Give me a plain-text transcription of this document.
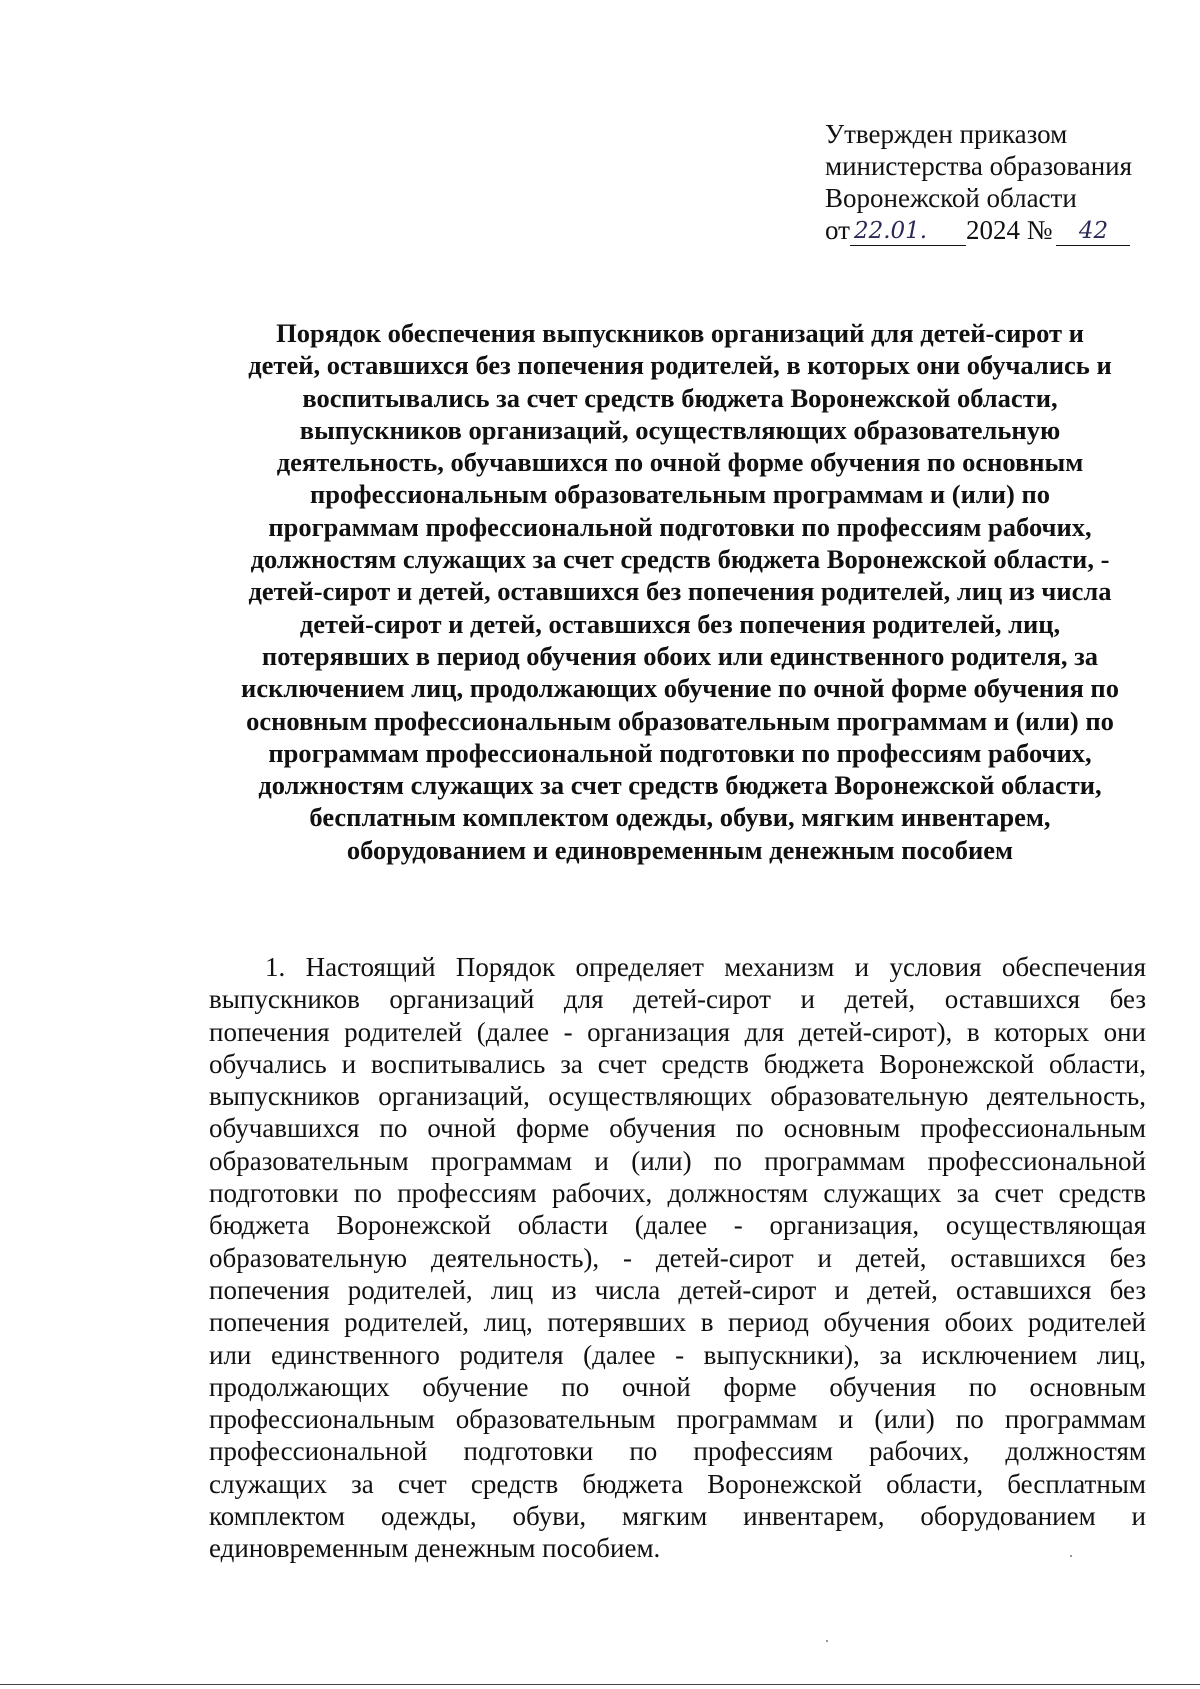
Утвержден приказом
министерства образования
Воронежской области
от 22.01.	2024 №	42
Порядок обеспечения выпускников организаций для детей-сирот и
детей, оставшихся без попечения родителей, в которых они обучались и
воспитывались за счет средств бюджета Воронежской области,
выпускников организаций, осуществляющих образовательную
деятельность, обучавшихся по очной форме обучения по основным
профессиональным образовательным программам и (или) по
программам профессиональной подготовки по профессиям рабочих,
должностям служащих за счет средств бюджета Воронежской области, -
детей-сирот и детей, оставшихся без попечения родителей, лиц из числа
детей-сирот и детей, оставшихся без попечения родителей, лиц,
потерявших в период обучения обоих или единственного родителя, за
исключением лиц, продолжающих обучение по очной форме обучения по
основным профессиональным образовательным программам и (или) по
программам профессиональной подготовки по профессиям рабочих,
должностям служащих за счет средств бюджета Воронежской области,
бесплатным комплектом одежды, обуви, мягким инвентарем,
оборудованием и единовременным денежным пособием
1. Настоящий Порядок определяет механизм и условия обеспечения
выпускников организаций для детей-сирот и детей, оставшихся без
попечения родителей (далее - организация для детей-сирот), в которых они
обучались и воспитывались за счет средств бюджета Воронежской области,
выпускников организаций, осуществляющих образовательную деятельность,
обучавшихся по очной форме обучения по основным профессиональным
образовательным программам и (или) по программам профессиональной
подготовки по профессиям рабочих, должностям служащих за счет средств
бюджета Воронежской области (далее - организация, осуществляющая
образовательную деятельность), - детей-сирот и детей, оставшихся без
попечения родителей, лиц из числа детей-сирот и детей, оставшихся без
попечения родителей, лиц, потерявших в период обучения обоих родителей
или единственного родителя (далее - выпускники), за исключением лиц,
продолжающих обучение по очной форме обучения по основным
профессиональным образовательным программам и (или) по программам
профессиональной подготовки по профессиям рабочих, должностям
служащих за счет средств бюджета Воронежской области, бесплатным
комплектом одежды, обуви, мягким инвентарем, оборудованием и
единовременным денежным пособием.
